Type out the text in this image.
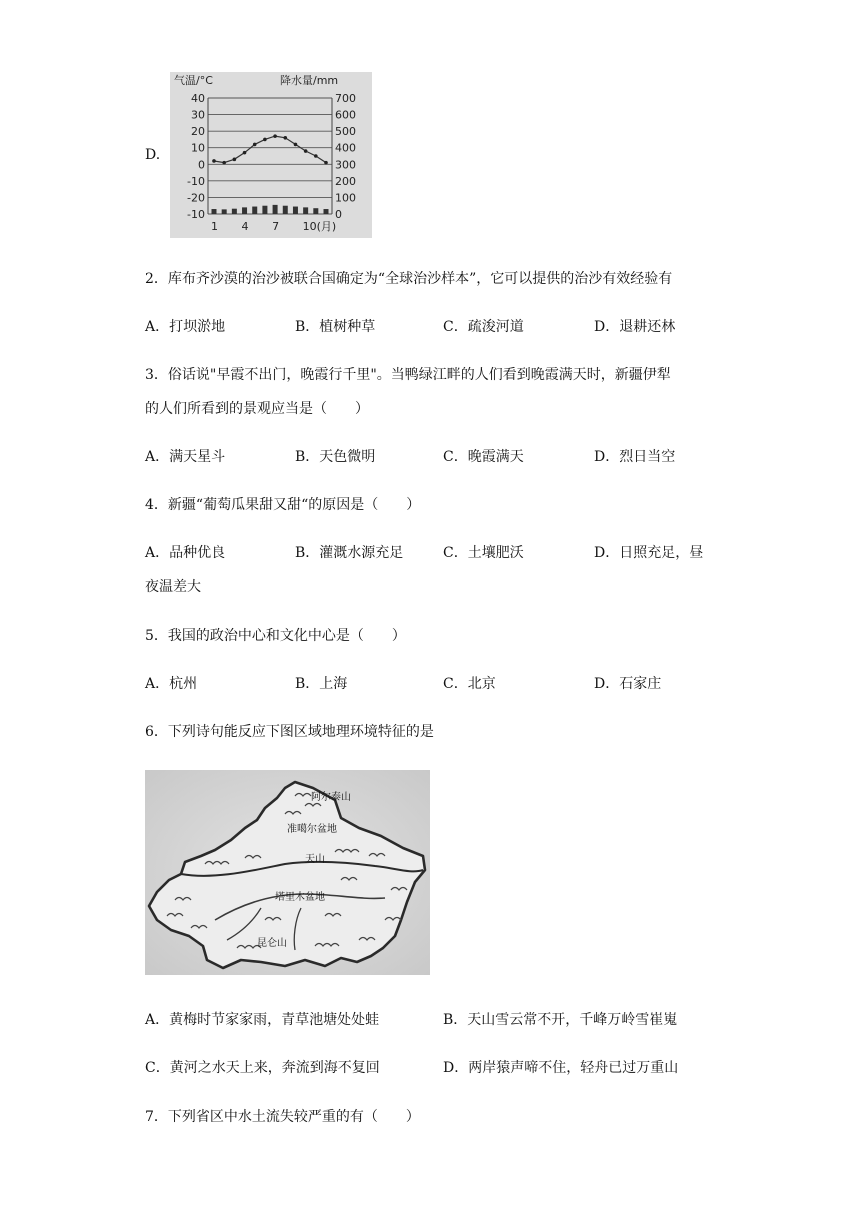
D.
40
30
20
10
0
-10
-20
-10
700
600
500
400
300
200
100
0
气温/°C	降水量/mm
1 4 7 10(月)
2．库布齐沙漠的治沙被联合国确定为“全球治沙样本”，它可以提供的治沙有效经验有
A．打坝淤地	B．植树种草	C．疏浚河道	D．退耕还林
3．俗话说"早霞不出门，晚霞行千里"。当鸭绿江畔的人们看到晚霞满天时，新疆伊犁
的人们所看到的景观应当是（　　）
A．满天星斗	B．天色微明	C．晚霞满天	D．烈日当空
4．新疆“葡萄瓜果甜又甜“的原因是（　　）
A．品种优良	B．灌溉水源充足	C．土壤肥沃	D．日照充足，昼
夜温差大
5．我国的政治中心和文化中心是（　　）
A．杭州	B．上海	C．北京	D．石家庄
6．下列诗句能反应下图区域地理环境特征的是
阿尔泰山
准噶尔盆地
天山
塔里木盆地
昆仑山
A．黄梅时节家家雨，青草池塘处处蛙	B．天山雪云常不开，千峰万岭雪崔嵬
C．黄河之水天上来，奔流到海不复回	D．两岸猿声啼不住，轻舟已过万重山
7．下列省区中水土流失较严重的有（　　）
